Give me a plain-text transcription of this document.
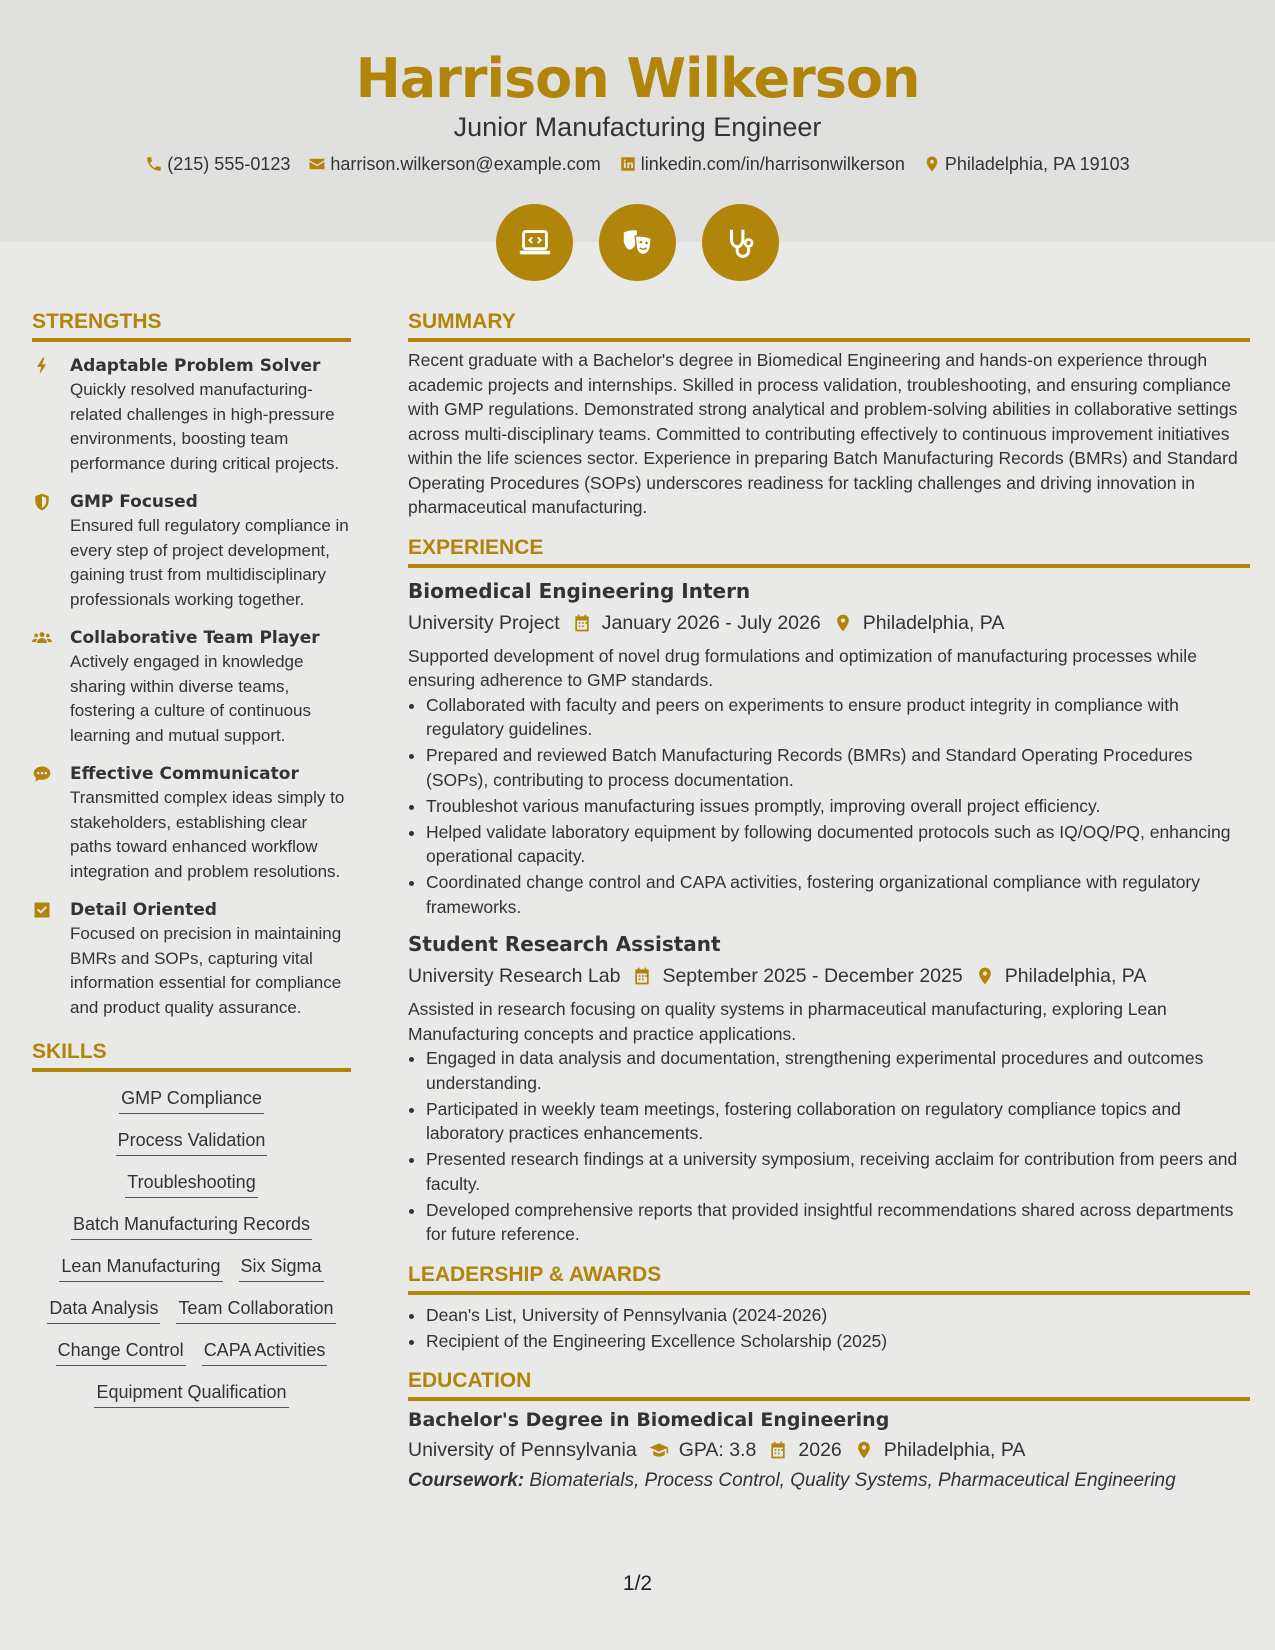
Harrison Wilkerson
Junior Manufacturing Engineer
(215) 555-0123 harrison.wilkerson@example.com linkedin.com/in/harrisonwilkerson Philadelphia, PA 19103
STRENGTHS
Adaptable Problem Solver
Quickly resolved manufacturing-related challenges in high-pressure environments, boosting team performance during critical projects.
GMP Focused
Ensured full regulatory compliance in every step of project development, gaining trust from multidisciplinary professionals working together.
Collaborative Team Player
Actively engaged in knowledge sharing within diverse teams, fostering a culture of continuous learning and mutual support.
Effective Communicator
Transmitted complex ideas simply to stakeholders, establishing clear paths toward enhanced workflow integration and problem resolutions.
Detail Oriented
Focused on precision in maintaining BMRs and SOPs, capturing vital information essential for compliance and product quality assurance.
SKILLS
GMP Compliance
Process Validation
Troubleshooting
Batch Manufacturing Records
Lean Manufacturing Six Sigma
Data Analysis Team Collaboration
Change Control CAPA Activities
Equipment Qualification
SUMMARY
Recent graduate with a Bachelor's degree in Biomedical Engineering and hands-on experience through academic projects and internships. Skilled in process validation, troubleshooting, and ensuring compliance with GMP regulations. Demonstrated strong analytical and problem-solving abilities in collaborative settings across multi-disciplinary teams. Committed to contributing effectively to continuous improvement initiatives within the life sciences sector. Experience in preparing Batch Manufacturing Records (BMRs) and Standard Operating Procedures (SOPs) underscores readiness for tackling challenges and driving innovation in pharmaceutical manufacturing.
EXPERIENCE
Biomedical Engineering Intern
University Project January 2026 - July 2026 Philadelphia, PA
Supported development of novel drug formulations and optimization of manufacturing processes while ensuring adherence to GMP standards.
• Collaborated with faculty and peers on experiments to ensure product integrity in compliance with regulatory guidelines.
• Prepared and reviewed Batch Manufacturing Records (BMRs) and Standard Operating Procedures (SOPs), contributing to process documentation.
• Troubleshot various manufacturing issues promptly, improving overall project efficiency.
• Helped validate laboratory equipment by following documented protocols such as IQ/OQ/PQ, enhancing operational capacity.
• Coordinated change control and CAPA activities, fostering organizational compliance with regulatory frameworks.
Student Research Assistant
University Research Lab September 2025 - December 2025 Philadelphia, PA
Assisted in research focusing on quality systems in pharmaceutical manufacturing, exploring Lean Manufacturing concepts and practice applications.
• Engaged in data analysis and documentation, strengthening experimental procedures and outcomes understanding.
• Participated in weekly team meetings, fostering collaboration on regulatory compliance topics and laboratory practices enhancements.
• Presented research findings at a university symposium, receiving acclaim for contribution from peers and faculty.
• Developed comprehensive reports that provided insightful recommendations shared across departments for future reference.
LEADERSHIP & AWARDS
• Dean's List, University of Pennsylvania (2024-2026)
• Recipient of the Engineering Excellence Scholarship (2025)
EDUCATION
Bachelor's Degree in Biomedical Engineering
University of Pennsylvania GPA: 3.8 2026 Philadelphia, PA
Coursework: Biomaterials, Process Control, Quality Systems, Pharmaceutical Engineering
1/2
